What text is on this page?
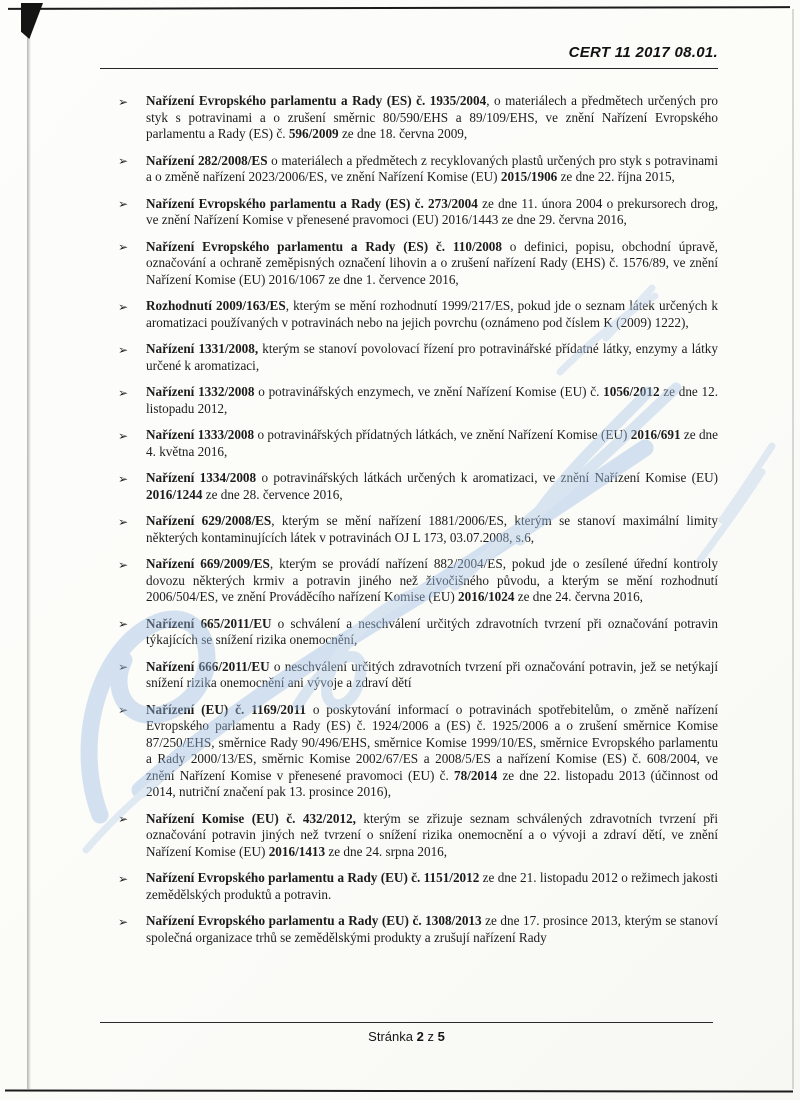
CERT 11 2017 08.01.
➢ Nařízení Evropského parlamentu a Rady (ES) č. 1935/2004, o materiálech a předmětech určených pro styk s potravinami a o zrušení směrnic 80/590/EHS a 89/109/EHS, ve znění Nařízení Evropského parlamentu a Rady (ES) č. 596/2009 ze dne 18. června 2009,
➢ Nařízení 282/2008/ES o materiálech a předmětech z recyklovaných plastů určených pro styk s potravinami a o změně nařízení 2023/2006/ES, ve znění Nařízení Komise (EU) 2015/1906 ze dne 22. října 2015,
➢ Nařízení Evropského parlamentu a Rady (ES) č. 273/2004 ze dne 11. února 2004 o prekursorech drog, ve znění Nařízení Komise v přenesené pravomoci (EU) 2016/1443 ze dne 29. června 2016,
➢ Nařízení Evropského parlamentu a Rady (ES) č. 110/2008 o definici, popisu, obchodní úpravě, označování a ochraně zeměpisných označení lihovin a o zrušení nařízení Rady (EHS) č. 1576/89, ve znění Nařízení Komise (EU) 2016/1067 ze dne 1. července 2016,
➢ Rozhodnutí 2009/163/ES, kterým se mění rozhodnutí 1999/217/ES, pokud jde o seznam látek určených k aromatizaci používaných v potravinách nebo na jejich povrchu (oznámeno pod číslem K (2009) 1222),
➢ Nařízení 1331/2008, kterým se stanoví povolovací řízení pro potravinářské přídatné látky, enzymy a látky určené k aromatizaci,
➢ Nařízení 1332/2008 o potravinářských enzymech, ve znění Nařízení Komise (EU) č. 1056/2012 ze dne 12. listopadu 2012,
➢ Nařízení 1333/2008 o potravinářských přídatných látkách, ve znění Nařízení Komise (EU) 2016/691 ze dne 4. května 2016,
➢ Nařízení 1334/2008 o potravinářských látkách určených k aromatizaci, ve znění Nařízení Komise (EU) 2016/1244 ze dne 28. července 2016,
➢ Nařízení 629/2008/ES, kterým se mění nařízení 1881/2006/ES, kterým se stanoví maximální limity některých kontaminujících látek v potravinách OJ L 173, 03.07.2008, s.6,
➢ Nařízení 669/2009/ES, kterým se provádí nařízení 882/2004/ES, pokud jde o zesílené úřední kontroly dovozu některých krmiv a potravin jiného než živočišného původu, a kterým se mění rozhodnutí 2006/504/ES, ve znění Prováděcího nařízení Komise (EU) 2016/1024 ze dne 24. června 2016,
➢ Nařízení 665/2011/EU o schválení a neschválení určitých zdravotních tvrzení při označování potravin týkajících se snížení rizika onemocnění,
➢ Nařízení 666/2011/EU o neschválení určitých zdravotních tvrzení při označování potravin, jež se netýkají snížení rizika onemocnění ani vývoje a zdraví dětí
➢ Nařízení (EU) č. 1169/2011 o poskytování informací o potravinách spotřebitelům, o změně nařízení Evropského parlamentu a Rady (ES) č. 1924/2006 a (ES) č. 1925/2006 a o zrušení směrnice Komise 87/250/EHS, směrnice Rady 90/496/EHS, směrnice Komise 1999/10/ES, směrnice Evropského parlamentu a Rady 2000/13/ES, směrnic Komise 2002/67/ES a 2008/5/ES a nařízení Komise (ES) č. 608/2004, ve znění Nařízení Komise v přenesené pravomoci (EU) č. 78/2014 ze dne 22. listopadu 2013 (účinnost od 2014, nutriční značení pak 13. prosince 2016),
➢ Nařízení Komise (EU) č. 432/2012, kterým se zřizuje seznam schválených zdravotních tvrzení při označování potravin jiných než tvrzení o snížení rizika onemocnění a o vývoji a zdraví dětí, ve znění Nařízení Komise (EU) 2016/1413 ze dne 24. srpna 2016,
➢ Nařízení Evropského parlamentu a Rady (EU) č. 1151/2012 ze dne 21. listopadu 2012 o režimech jakosti zemědělských produktů a potravin.
➢ Nařízení Evropského parlamentu a Rady (EU) č. 1308/2013 ze dne 17. prosince 2013, kterým se stanoví společná organizace trhů se zemědělskými produkty a zrušují nařízení Rady
Stránka 2 z 5
